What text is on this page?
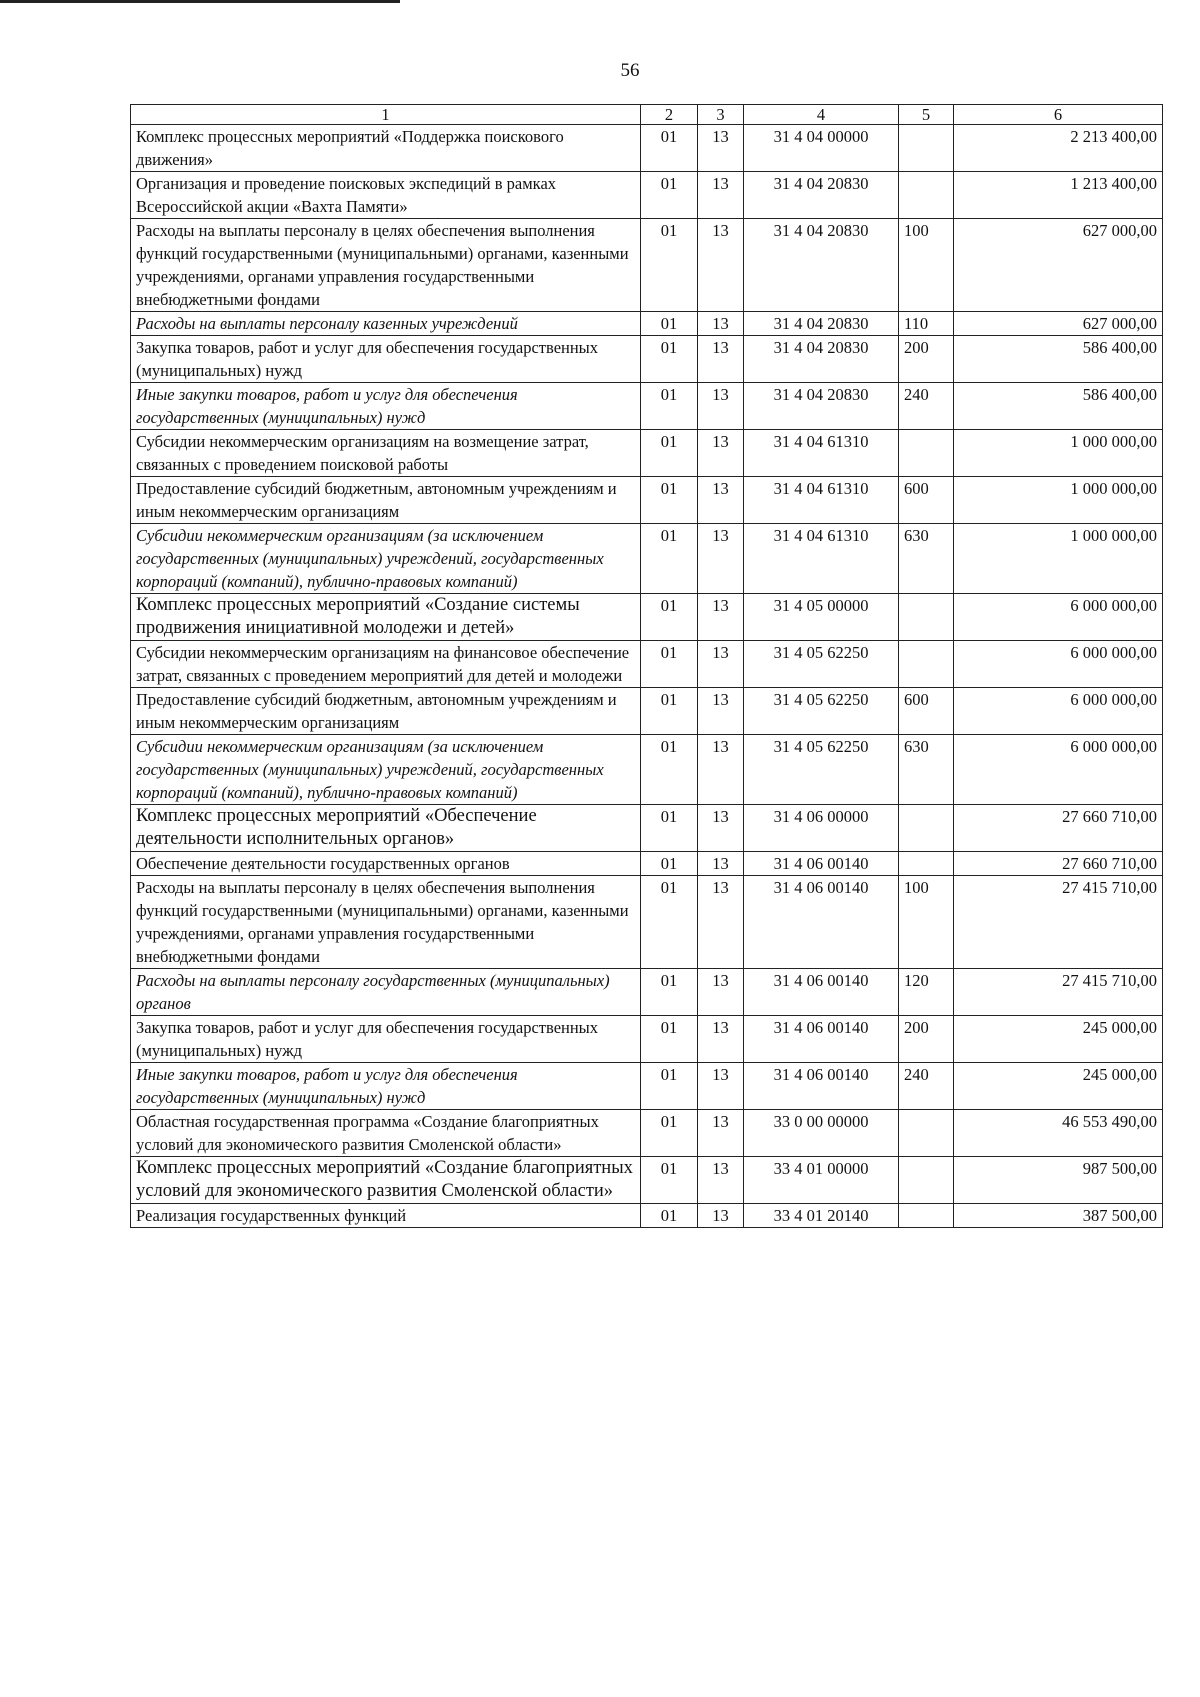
56
1	2	3	4	5	6
Комплекс процессных мероприятий «Поддержка поискового движения»	01	13	31 4 04 00000		2 213 400,00
Организация и проведение поисковых экспедиций в рамках Всероссийской акции «Вахта Памяти»	01	13	31 4 04 20830		1 213 400,00
Расходы на выплаты персоналу в целях обеспечения выполнения функций государственными (муниципальными) органами, казенными учреждениями, органами управления государственными внебюджетными фондами	01	13	31 4 04 20830	100	627 000,00
Расходы на выплаты персоналу казенных учреждений	01	13	31 4 04 20830	110	627 000,00
Закупка товаров, работ и услуг для обеспечения государственных (муниципальных) нужд	01	13	31 4 04 20830	200	586 400,00
Иные закупки товаров, работ и услуг для обеспечения государственных (муниципальных) нужд	01	13	31 4 04 20830	240	586 400,00
Субсидии некоммерческим организациям на возмещение затрат, связанных с проведением поисковой работы	01	13	31 4 04 61310		1 000 000,00
Предоставление субсидий бюджетным, автономным учреждениям и иным некоммерческим организациям	01	13	31 4 04 61310	600	1 000 000,00
Субсидии некоммерческим организациям (за исключением государственных (муниципальных) учреждений, государственных корпораций (компаний), публично-правовых компаний)	01	13	31 4 04 61310	630	1 000 000,00
Комплекс процессных мероприятий «Создание системы продвижения инициативной молодежи и детей»	01	13	31 4 05 00000		6 000 000,00
Субсидии некоммерческим организациям на финансовое обеспечение затрат, связанных с проведением мероприятий для детей и молодежи	01	13	31 4 05 62250		6 000 000,00
Предоставление субсидий бюджетным, автономным учреждениям и иным некоммерческим организациям	01	13	31 4 05 62250	600	6 000 000,00
Субсидии некоммерческим организациям (за исключением государственных (муниципальных) учреждений, государственных корпораций (компаний), публично-правовых компаний)	01	13	31 4 05 62250	630	6 000 000,00
Комплекс процессных мероприятий «Обеспечение деятельности исполнительных органов»	01	13	31 4 06 00000		27 660 710,00
Обеспечение деятельности государственных органов	01	13	31 4 06 00140		27 660 710,00
Расходы на выплаты персоналу в целях обеспечения выполнения функций государственными (муниципальными) органами, казенными учреждениями, органами управления государственными внебюджетными фондами	01	13	31 4 06 00140	100	27 415 710,00
Расходы на выплаты персоналу государственных (муниципальных) органов	01	13	31 4 06 00140	120	27 415 710,00
Закупка товаров, работ и услуг для обеспечения государственных (муниципальных) нужд	01	13	31 4 06 00140	200	245 000,00
Иные закупки товаров, работ и услуг для обеспечения государственных (муниципальных) нужд	01	13	31 4 06 00140	240	245 000,00
Областная государственная программа «Создание благоприятных условий для экономического развития Смоленской области»	01	13	33 0 00 00000		46 553 490,00
Комплекс процессных мероприятий «Создание благоприятных условий для экономического развития Смоленской области»	01	13	33 4 01 00000		987 500,00
Реализация государственных функций	01	13	33 4 01 20140		387 500,00
